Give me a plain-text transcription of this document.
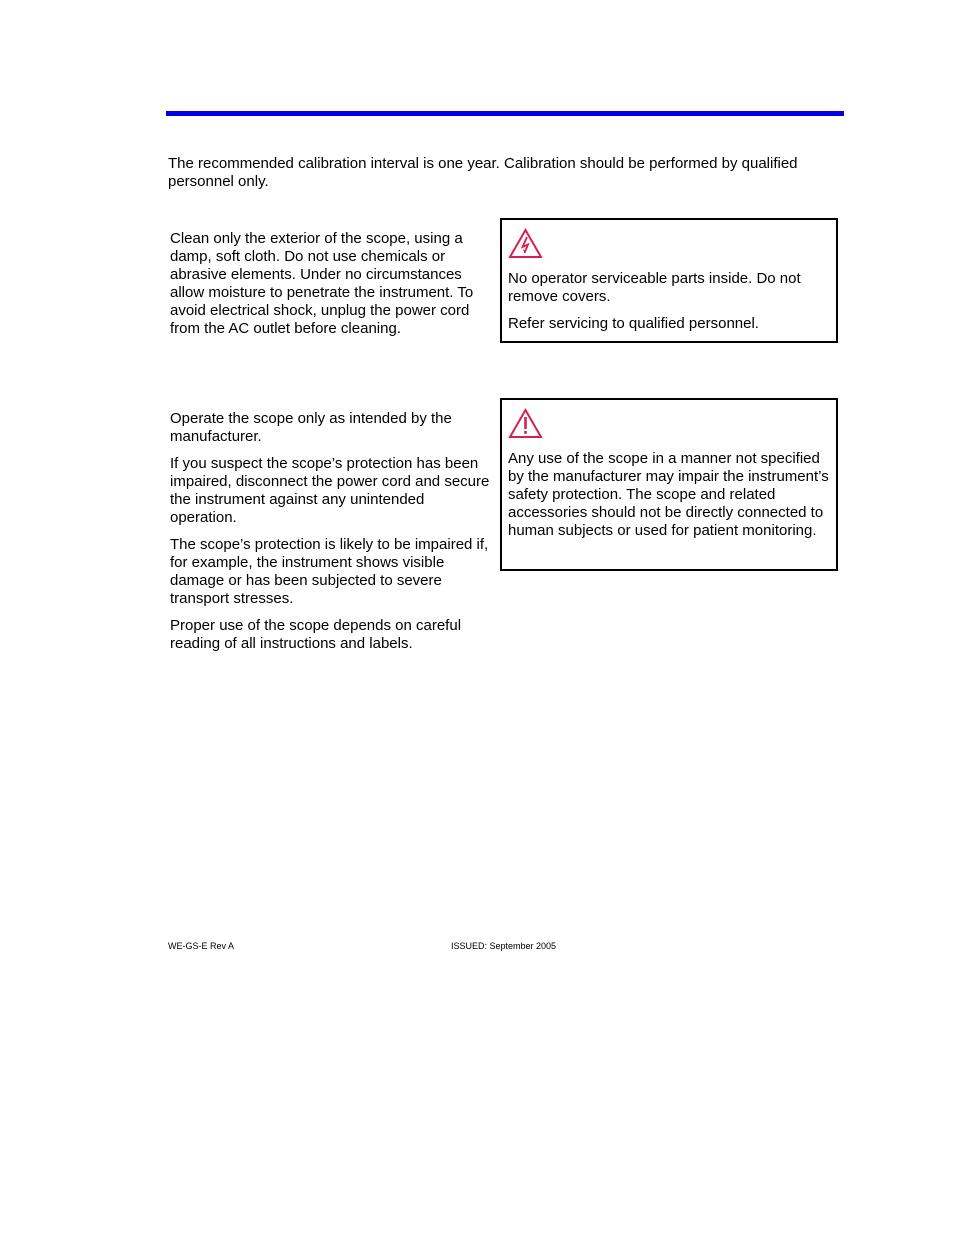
The recommended calibration interval is one year. Calibration should be performed by qualified personnel only.

Clean only the exterior of the scope, using a damp, soft cloth. Do not use chemicals or abrasive elements. Under no circumstances allow moisture to penetrate the instrument. To avoid electrical shock, unplug the power cord from the AC outlet before cleaning.

No operator serviceable parts inside. Do not remove covers.

Refer servicing to qualified personnel.

Operate the scope only as intended by the manufacturer.

If you suspect the scope’s protection has been impaired, disconnect the power cord and secure the instrument against any unintended operation.

The scope’s protection is likely to be impaired if, for example, the instrument shows visible damage or has been subjected to severe transport stresses.

Proper use of the scope depends on careful reading of all instructions and labels.

Any use of the scope in a manner not specified by the manufacturer may impair the instrument’s safety protection. The scope and related accessories should not be directly connected to human subjects or used for patient monitoring.

WE-GS-E Rev A	ISSUED: September 2005
